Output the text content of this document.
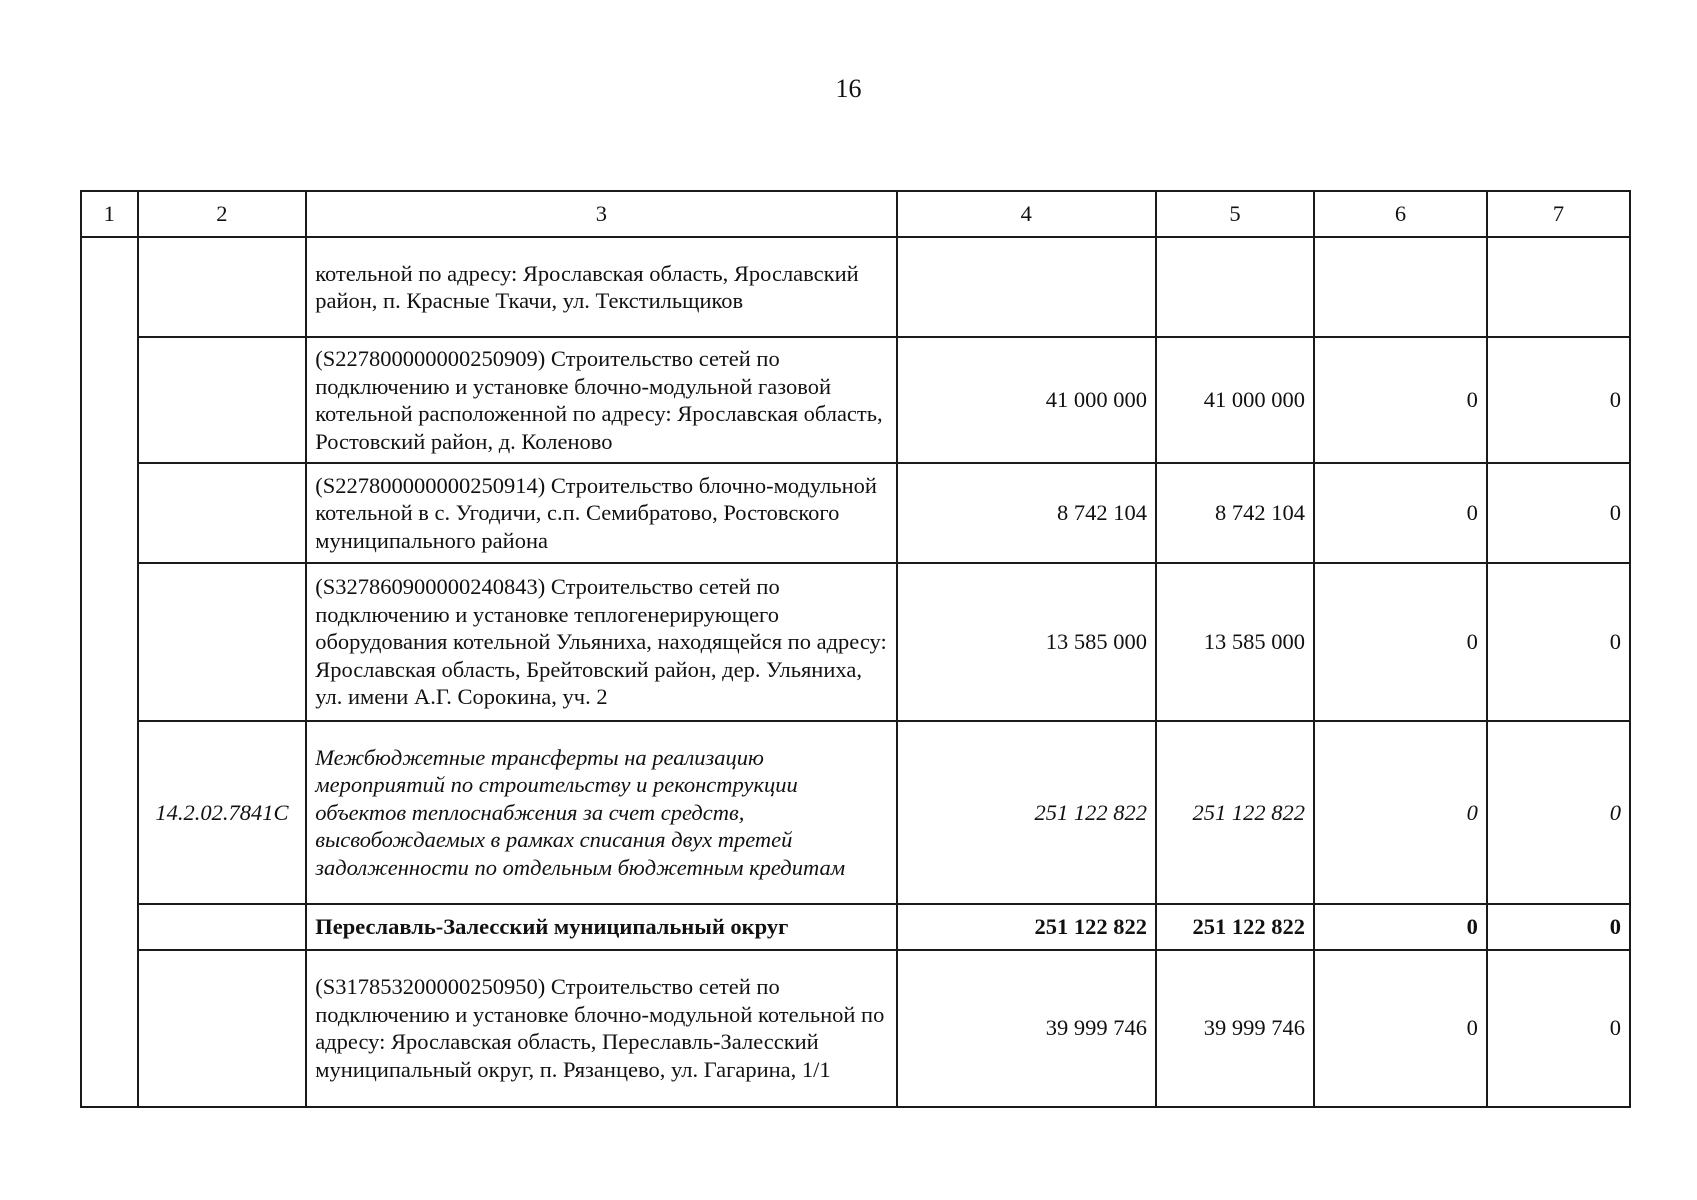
16
1	2	3	4	5	6	7
		котельной по адресу: Ярославская область, Ярославский район, п. Красные Ткачи, ул. Текстильщиков				
		(S227800000000250909) Строительство сетей по подключению и установке блочно-модульной газовой котельной расположенной по адресу: Ярославская область, Ростовский район, д. Коленово	41 000 000	41 000 000	0	0
		(S227800000000250914) Строительство блочно-модульной котельной в с. Угодичи, с.п. Семибратово, Ростовского муниципального района	8 742 104	8 742 104	0	0
		(S327860900000240843) Строительство сетей по подключению и установке теплогенерирующего оборудования котельной Ульяниха, находящейся по адресу: Ярославская область, Брейтовский район, дер. Ульяниха, ул. имени А.Г. Сорокина, уч. 2	13 585 000	13 585 000	0	0
	14.2.02.7841С	Межбюджетные трансферты на реализацию мероприятий по строительству и реконструкции объектов теплоснабжения за счет средств, высвобождаемых в рамках списания двух третей задолженности по отдельным бюджетным кредитам	251 122 822	251 122 822	0	0
		Переславль-Залесский муниципальный округ	251 122 822	251 122 822	0	0
		(S317853200000250950) Строительство сетей по подключению и установке блочно-модульной котельной по адресу: Ярославская область, Переславль-Залесский муниципальный округ, п. Рязанцево, ул. Гагарина, 1/1	39 999 746	39 999 746	0	0
